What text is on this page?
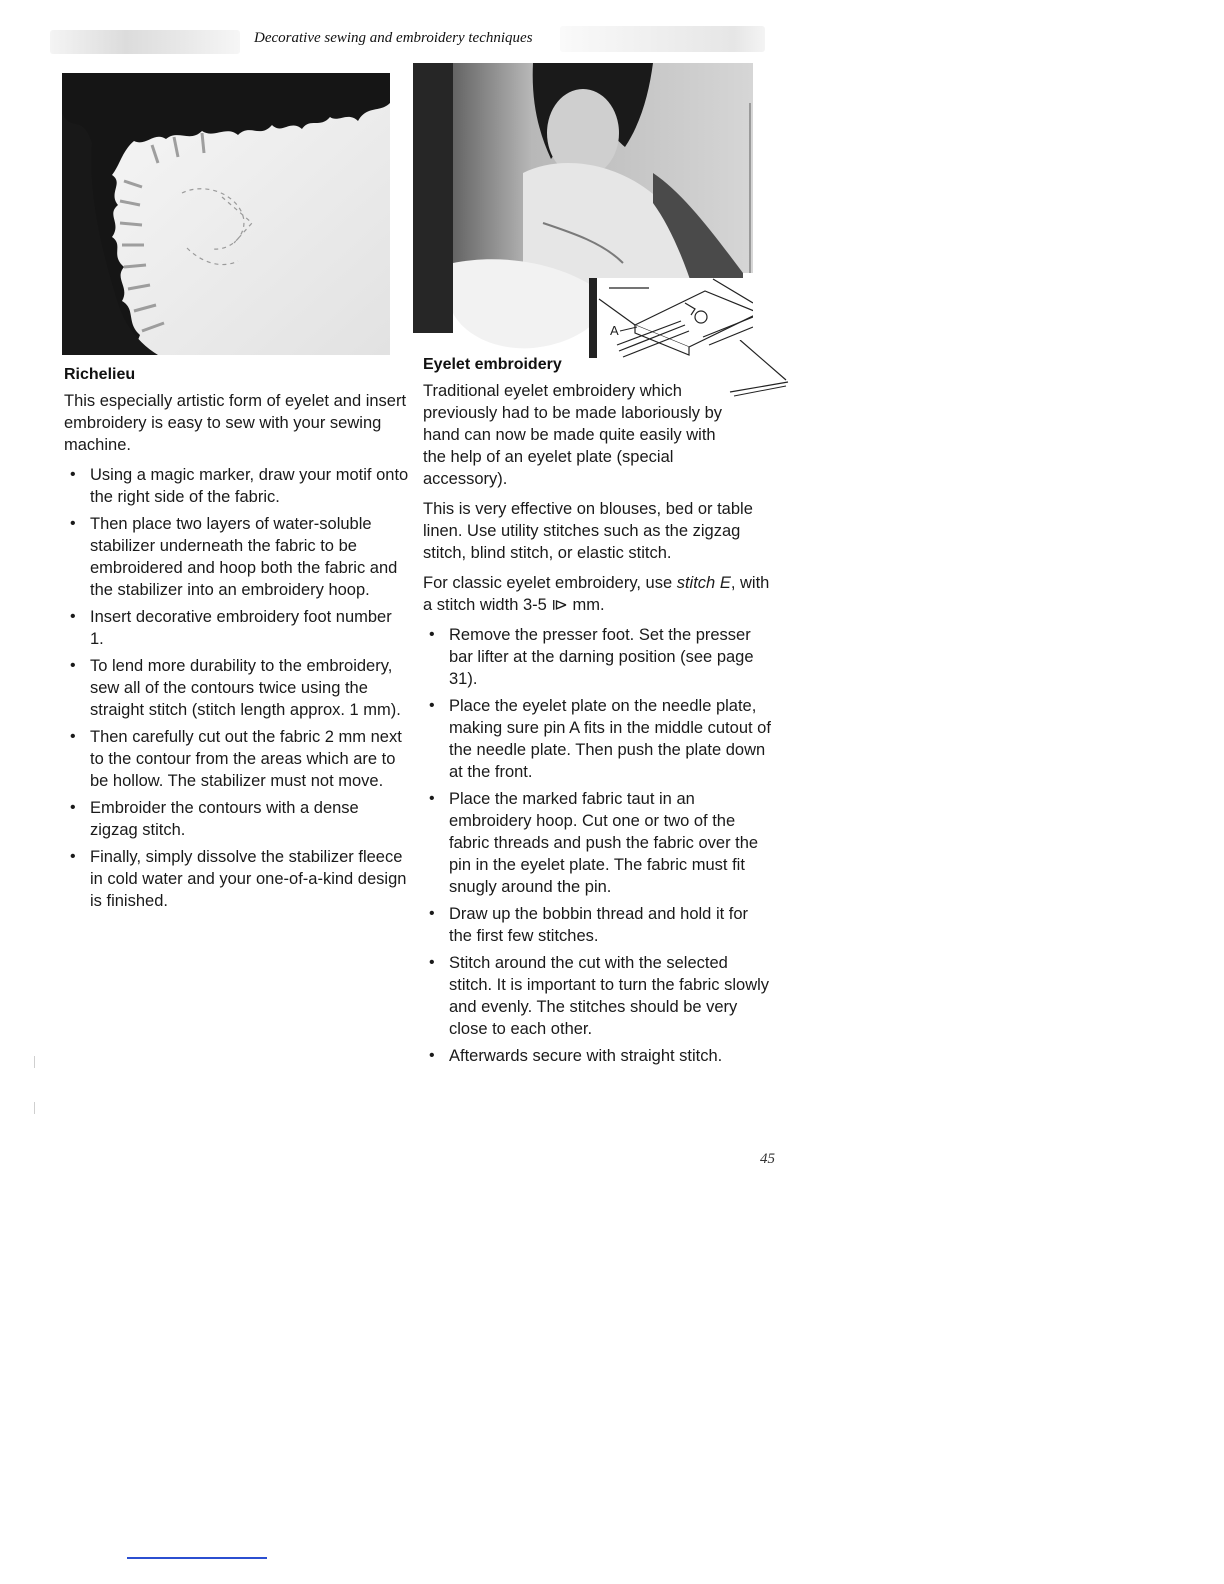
Decorative sewing and embroidery techniques
A
Richelieu

This especially artistic form of eyelet and insert embroidery is easy to sew with your sewing machine.

• Using a magic marker, draw your motif onto the right side of the fabric.
• Then place two layers of water-soluble stabilizer underneath the fabric to be embroidered and hoop both the fabric and the stabilizer into an embroidery hoop.
• Insert decorative embroidery foot number 1.
• To lend more durability to the embroidery, sew all of the contours twice using the straight stitch (stitch length approx. 1 mm).
• Then carefully cut out the fabric 2 mm next to the contour from the areas which are to be hollow. The stabilizer must not move.
• Embroider the contours with a dense zigzag stitch.
• Finally, simply dissolve the stabilizer fleece in cold water and your one-of-a-kind design is finished.
Eyelet embroidery

Traditional eyelet embroidery which previously had to be made laboriously by hand can now be made quite easily with the help of an eyelet plate (special accessory).

This is very effective on blouses, bed or table linen. Use utility stitches such as the zigzag stitch, blind stitch, or elastic stitch.

For classic eyelet embroidery, use stitch E, with a stitch width 3-5 ⧐ mm.

• Remove the presser foot. Set the presser bar lifter at the darning position (see page 31).
• Place the eyelet plate on the needle plate, making sure pin A fits in the middle cutout of the needle plate. Then push the plate down at the front.
• Place the marked fabric taut in an embroidery hoop. Cut one or two of the fabric threads and push the fabric over the pin in the eyelet plate. The fabric must fit snugly around the pin.
• Draw up the bobbin thread and hold it for the first few stitches.
• Stitch around the cut with the selected stitch. It is important to turn the fabric slowly and evenly. The stitches should be very close to each other.
• Afterwards secure with straight stitch.
45
